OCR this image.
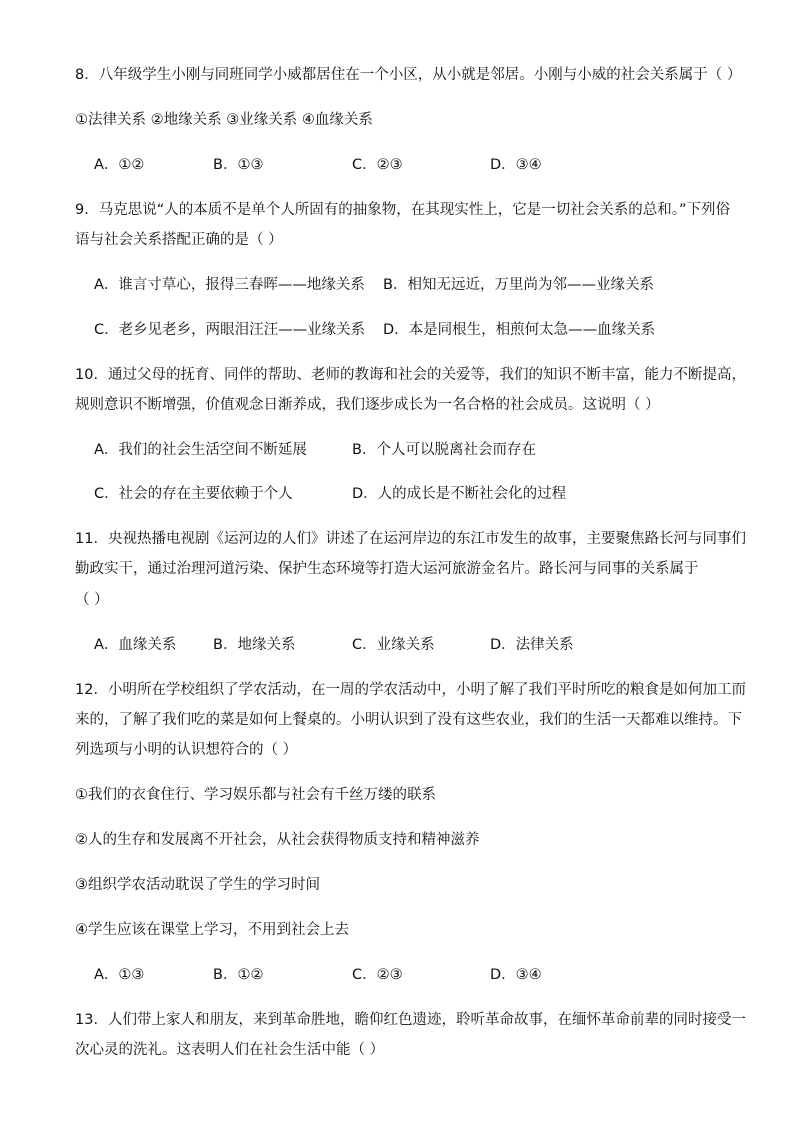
8．八年级学生小刚与同班同学小威都居住在一个小区，从小就是邻居。小刚与小威的社会关系属于（ ）
①法律关系 ②地缘关系 ③业缘关系 ④血缘关系
A．①②	B．①③	C．②③	D．③④
9．马克思说“人的本质不是单个人所固有的抽象物，在其现实性上，它是一切社会关系的总和。”下列俗
语与社会关系搭配正确的是（ ）
A．谁言寸草心，报得三春晖——地缘关系 B．相知无远近，万里尚为邻——业缘关系
C．老乡见老乡，两眼泪汪汪——业缘关系 D．本是同根生，相煎何太急——血缘关系
10．通过父母的抚育、同伴的帮助、老师的教诲和社会的关爱等，我们的知识不断丰富，能力不断提高，
规则意识不断增强，价值观念日渐养成，我们逐步成长为一名合格的社会成员。这说明（ ）
A．我们的社会生活空间不断延展	B．个人可以脱离社会而存在
C．社会的存在主要依赖于个人	D．人的成长是不断社会化的过程
11．央视热播电视剧《运河边的人们》讲述了在运河岸边的东江市发生的故事，主要聚焦路长河与同事们
勤政实干，通过治理河道污染、保护生态环境等打造大运河旅游金名片。路长河与同事的关系属于
（ ）
A．血缘关系	B．地缘关系	C．业缘关系	D．法律关系
12．小明所在学校组织了学农活动，在一周的学农活动中，小明了解了我们平时所吃的粮食是如何加工而
来的，了解了我们吃的菜是如何上餐桌的。小明认识到了没有这些农业，我们的生活一天都难以维持。下
列选项与小明的认识想符合的（ ）
①我们的衣食住行、学习娱乐都与社会有千丝万缕的联系
②人的生存和发展离不开社会，从社会获得物质支持和精神滋养
③组织学农活动耽误了学生的学习时间
④学生应该在课堂上学习，不用到社会上去
A．①③	B．①②	C．②③	D．③④
13．人们带上家人和朋友，来到革命胜地，瞻仰红色遗迹，聆听革命故事，在缅怀革命前辈的同时接受一
次心灵的洗礼。这表明人们在社会生活中能（ ）
